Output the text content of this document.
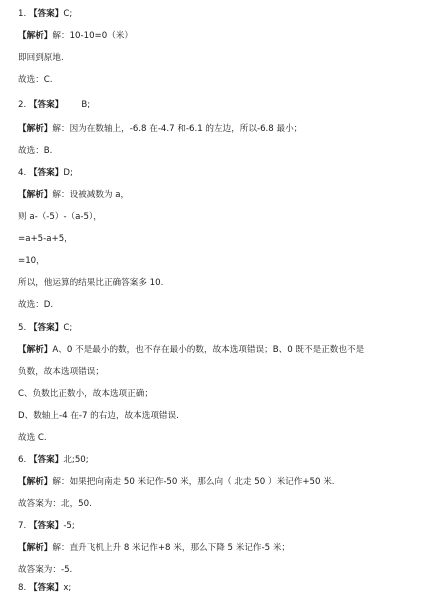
1. 【答案】C;
【解析】解：10-10=0（米）
即回到原地.
故选：C.
2. 【答案】 B;
【解析】解：因为在数轴上，-6.8 在-4.7 和-6.1 的左边，所以-6.8 最小；
故选：B.
4. 【答案】D;
【解析】解：设被减数为 a，
则 a-（-5）-（a-5），
=a+5-a+5，
=10，
所以，他运算的结果比正确答案多 10.
故选：D.
5. 【答案】C;
【解析】A、0 不是最小的数，也不存在最小的数，故本选项错误；B、0 既不是正数也不是
负数，故本选项错误；
C、负数比正数小，故本选项正确；
D、数轴上-4 在-7 的右边，故本选项错误.
故选 C.
6. 【答案】北;50;
【解析】解：如果把向南走 50 米记作-50 米，那么向（ 北走 50 ）米记作+50 米.
故答案为：北，50.
7. 【答案】-5;
【解析】解：直升飞机上升 8 米记作+8 米，那么下降 5 米记作-5 米；
故答案为：-5.
8. 【答案】x;
